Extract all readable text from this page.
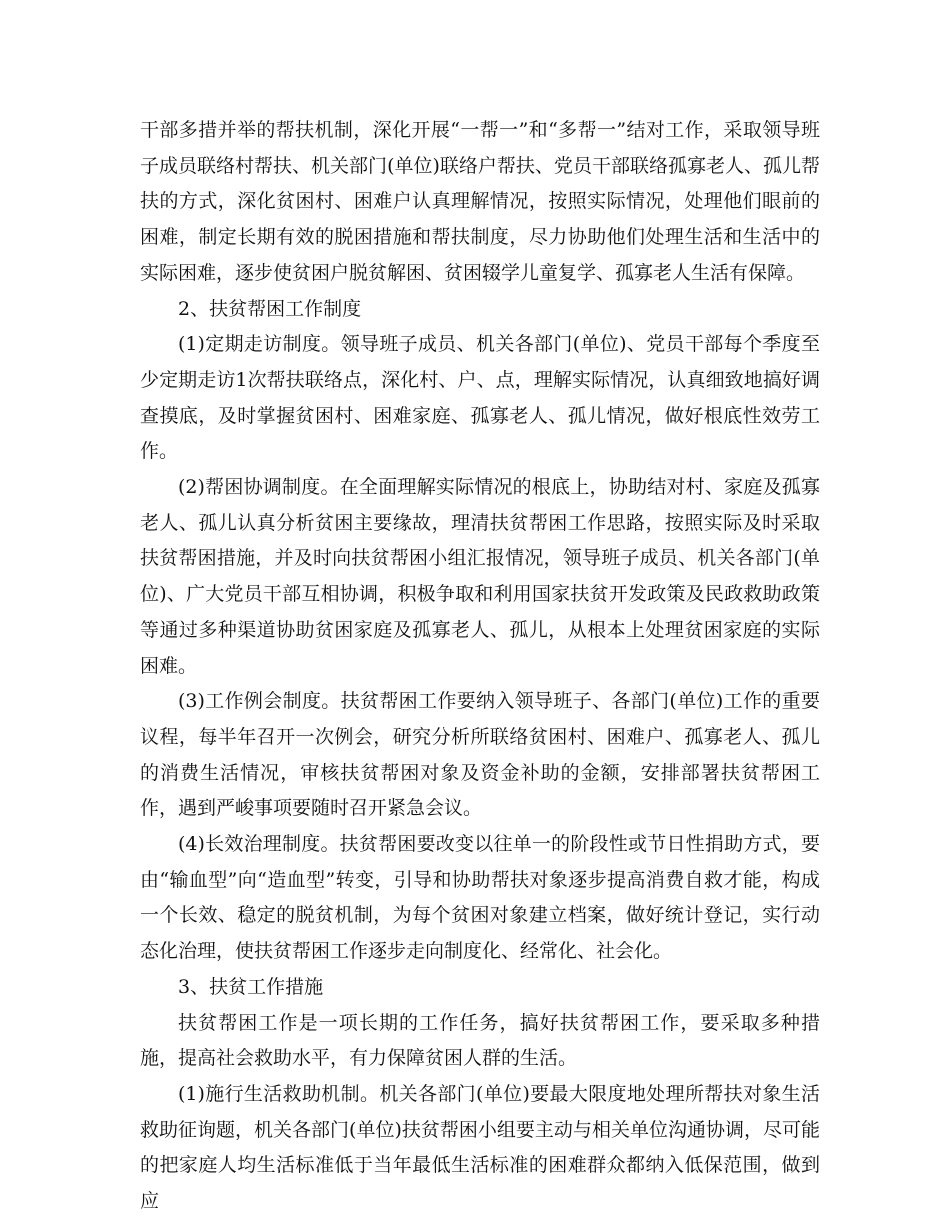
干部多措并举的帮扶机制，深化开展“一帮一”和“多帮一”结对工作，采取领导班子成员联络村帮扶、机关部门(单位)联络户帮扶、党员干部联络孤寡老人、孤儿帮扶的方式，深化贫困村、困难户认真理解情况，按照实际情况，处理他们眼前的困难，制定长期有效的脱困措施和帮扶制度，尽力协助他们处理生活和生活中的实际困难，逐步使贫困户脱贫解困、贫困辍学儿童复学、孤寡老人生活有保障。

2、扶贫帮困工作制度

(1)定期走访制度。领导班子成员、机关各部门(单位)、党员干部每个季度至少定期走访1次帮扶联络点，深化村、户、点，理解实际情况，认真细致地搞好调查摸底，及时掌握贫困村、困难家庭、孤寡老人、孤儿情况，做好根底性效劳工作。

(2)帮困协调制度。在全面理解实际情况的根底上，协助结对村、家庭及孤寡老人、孤儿认真分析贫困主要缘故，理清扶贫帮困工作思路，按照实际及时采取扶贫帮困措施，并及时向扶贫帮困小组汇报情况，领导班子成员、机关各部门(单位)、广大党员干部互相协调，积极争取和利用国家扶贫开发政策及民政救助政策等通过多种渠道协助贫困家庭及孤寡老人、孤儿，从根本上处理贫困家庭的实际困难。

(3)工作例会制度。扶贫帮困工作要纳入领导班子、各部门(单位)工作的重要议程，每半年召开一次例会，研究分析所联络贫困村、困难户、孤寡老人、孤儿的消费生活情况，审核扶贫帮困对象及资金补助的金额，安排部署扶贫帮困工作，遇到严峻事项要随时召开紧急会议。

(4)长效治理制度。扶贫帮困要改变以往单一的阶段性或节日性捐助方式，要由“输血型”向“造血型”转变，引导和协助帮扶对象逐步提高消费自救才能，构成一个长效、稳定的脱贫机制，为每个贫困对象建立档案，做好统计登记，实行动态化治理，使扶贫帮困工作逐步走向制度化、经常化、社会化。

3、扶贫工作措施

扶贫帮困工作是一项长期的工作任务，搞好扶贫帮困工作，要采取多种措施，提高社会救助水平，有力保障贫困人群的生活。

(1)施行生活救助机制。机关各部门(单位)要最大限度地处理所帮扶对象生活救助征询题，机关各部门(单位)扶贫帮困小组要主动与相关单位沟通协调，尽可能的把家庭人均生活标准低于当年最低生活标准的困难群众都纳入低保范围，做到应
